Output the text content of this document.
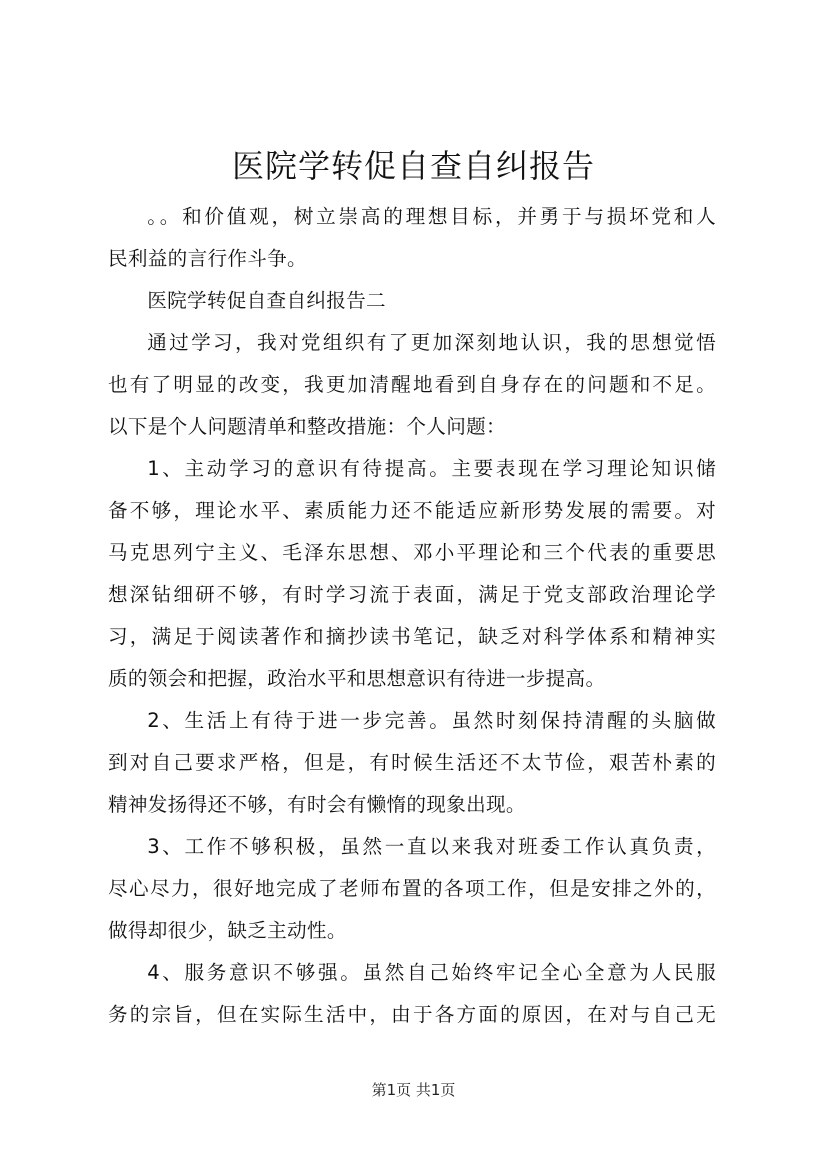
医院学转促自查自纠报告

。。和价值观，树立崇高的理想目标，并勇于与损坏党和人
民利益的言行作斗争。

医院学转促自查自纠报告二

通过学习，我对党组织有了更加深刻地认识，我的思想觉悟
也有了明显的改变，我更加清醒地看到自身存在的问题和不足。
以下是个人问题清单和整改措施：个人问题：

1、主动学习的意识有待提高。主要表现在学习理论知识储
备不够，理论水平、素质能力还不能适应新形势发展的需要。对
马克思列宁主义、毛泽东思想、邓小平理论和三个代表的重要思
想深钻细研不够，有时学习流于表面，满足于党支部政治理论学
习，满足于阅读著作和摘抄读书笔记，缺乏对科学体系和精神实
质的领会和把握，政治水平和思想意识有待进一步提高。

2、生活上有待于进一步完善。虽然时刻保持清醒的头脑做
到对自己要求严格，但是，有时候生活还不太节俭，艰苦朴素的
精神发扬得还不够，有时会有懒惰的现象出现。

3、工作不够积极，虽然一直以来我对班委工作认真负责，
尽心尽力，很好地完成了老师布置的各项工作，但是安排之外的，
做得却很少，缺乏主动性。

4、服务意识不够强。虽然自己始终牢记全心全意为人民服
务的宗旨，但在实际生活中，由于各方面的原因，在对与自己无

第1页 共1页
